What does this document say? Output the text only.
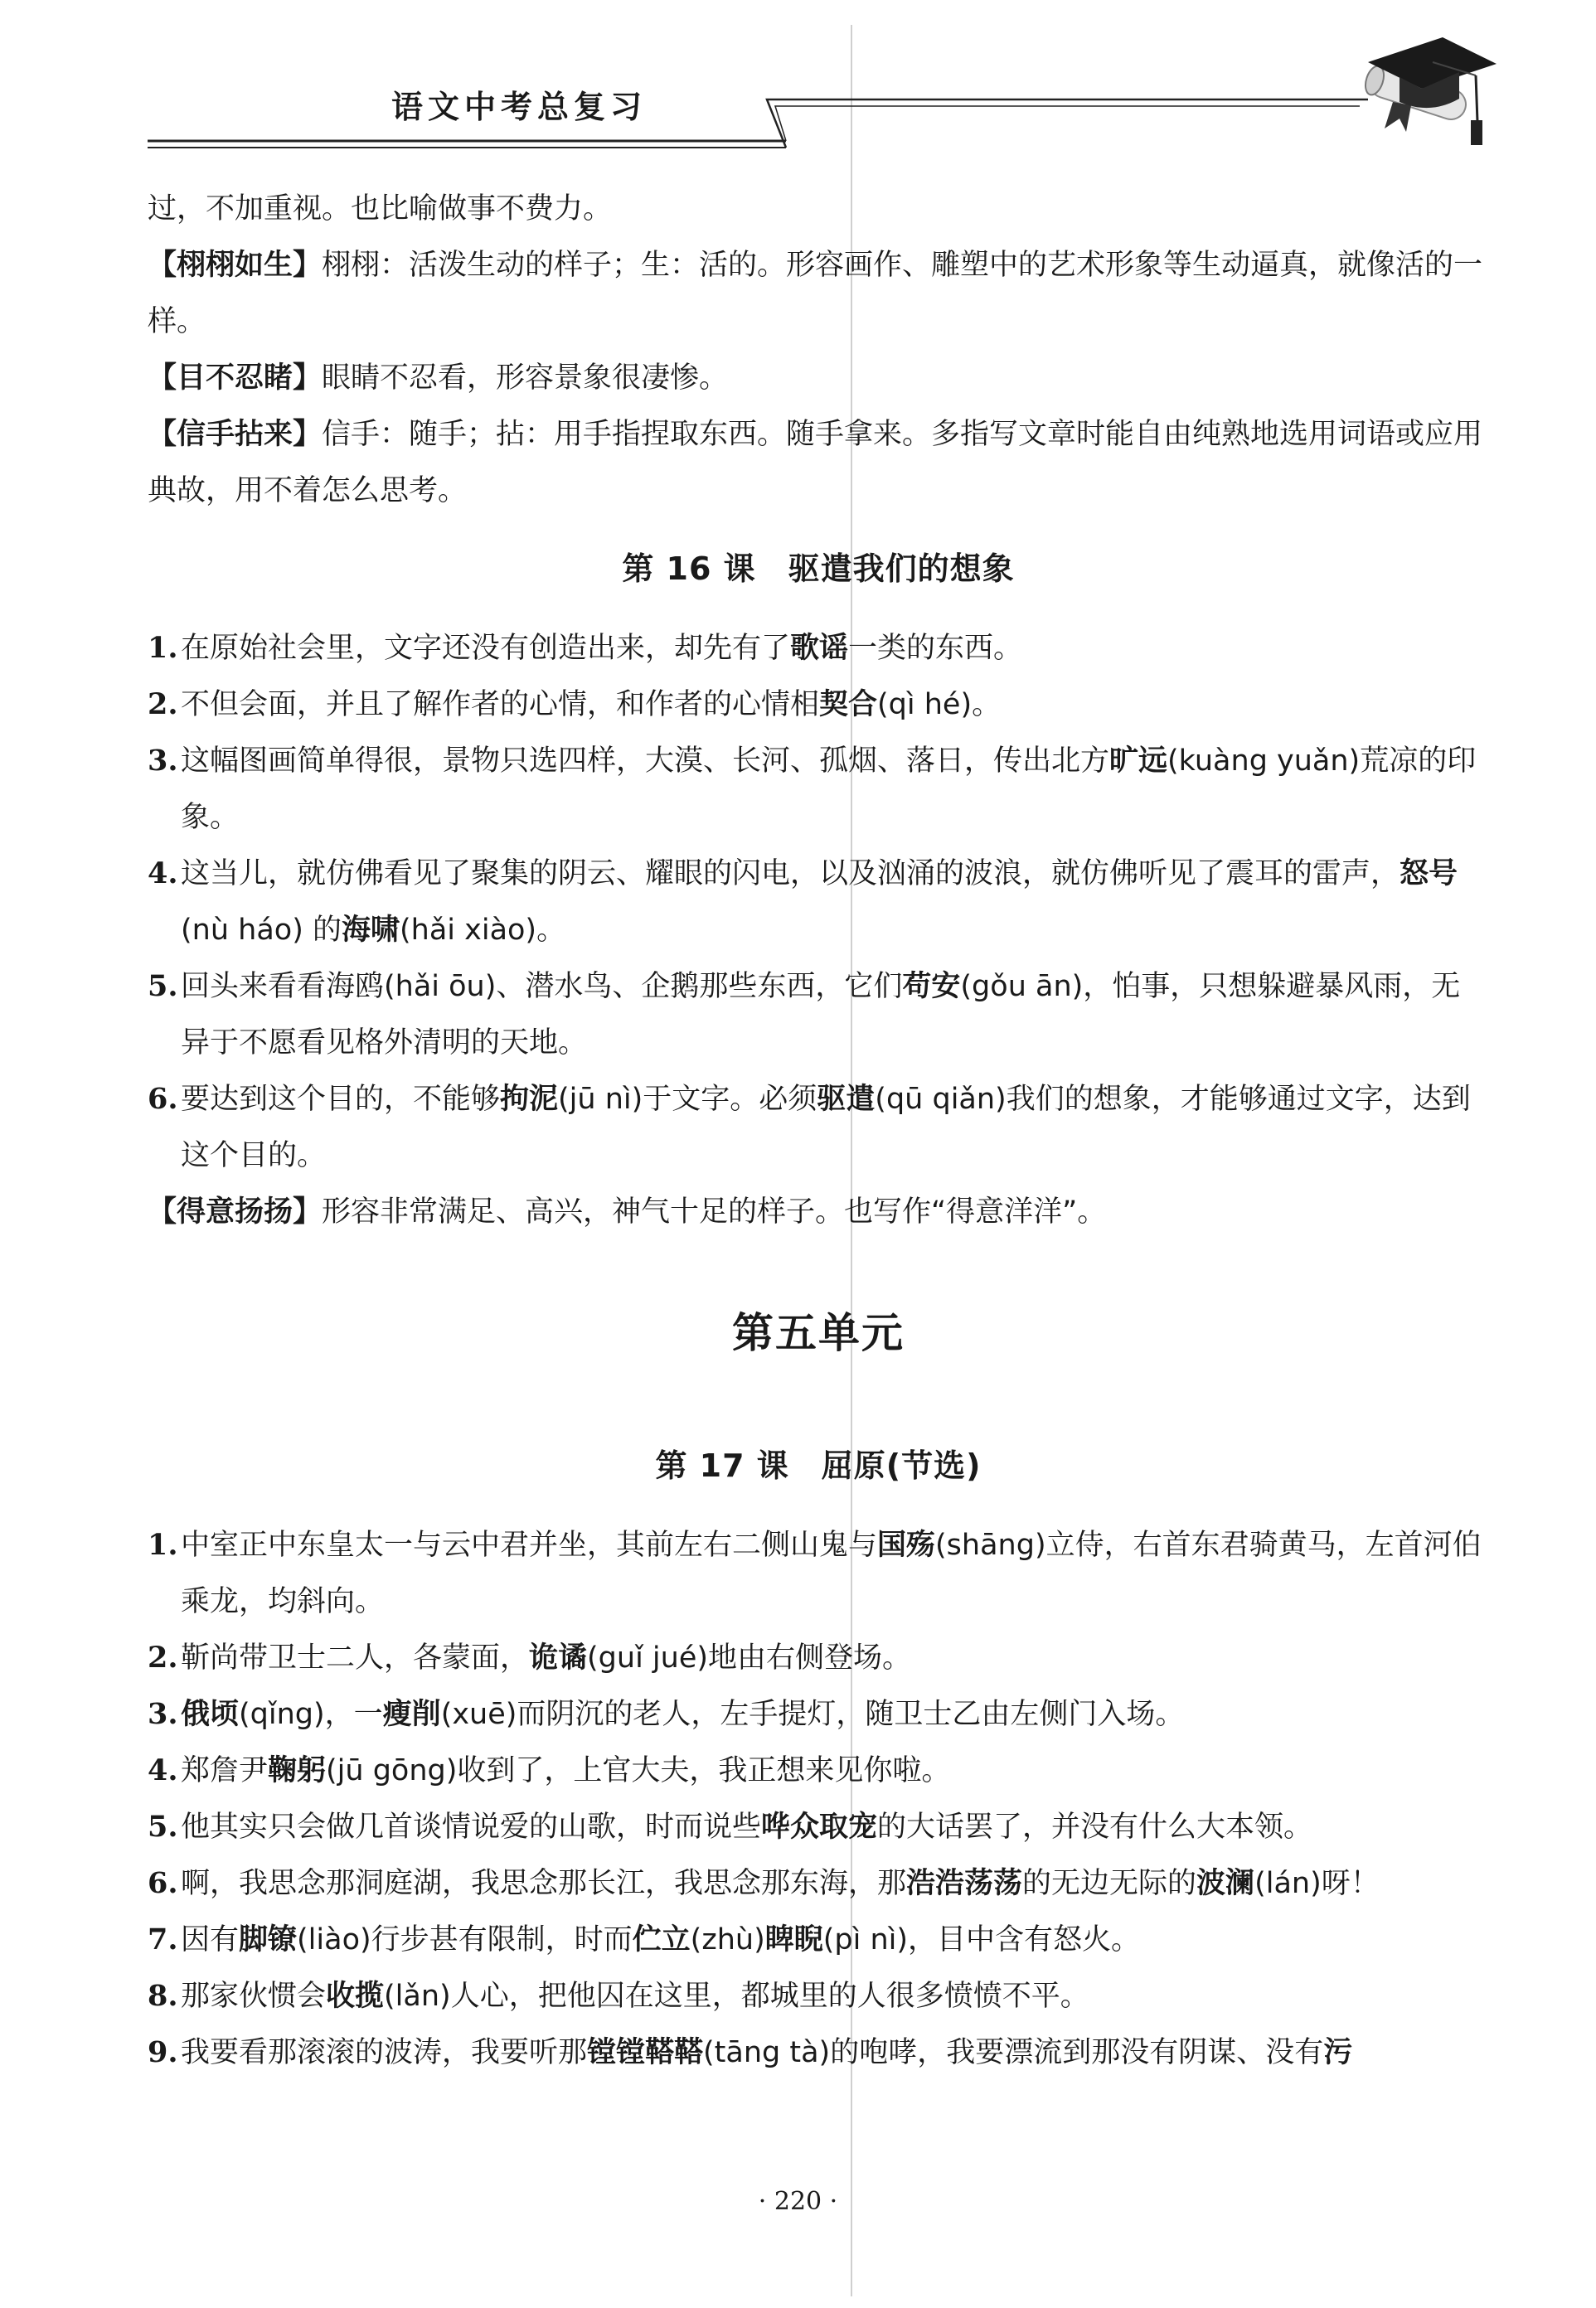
语文中考总复习

过，不加重视。也比喻做事不费力。

【栩栩如生】栩栩：活泼生动的样子；生：活的。形容画作、雕塑中的艺术形象等生动逼真，就像活的一样。

【目不忍睹】眼睛不忍看，形容景象很凄惨。

【信手拈来】信手：随手；拈：用手指捏取东西。随手拿来。多指写文章时能自由纯熟地选用词语或应用典故，用不着怎么思考。

第 16 课　驱遣我们的想象
1. 在原始社会里，文字还没有创造出来，却先有了歌谣一类的东西。
2. 不但会面，并且了解作者的心情，和作者的心情相契合(qì hé)。
3. 这幅图画简单得很，景物只选四样，大漠、长河、孤烟、落日，传出北方旷远(kuàng yuǎn)荒凉的印象。
4. 这当儿，就仿佛看见了聚集的阴云、耀眼的闪电，以及汹涌的波浪，就仿佛听见了震耳的雷声，怒号(nù háo) 的海啸(hǎi xiào)。
5. 回头来看看海鸥(hǎi ōu)、潜水鸟、企鹅那些东西，它们苟安(gǒu ān)，怕事，只想躲避暴风雨，无异于不愿看见格外清明的天地。
6. 要达到这个目的，不能够拘泥(jū nì)于文字。必须驱遣(qū qiǎn)我们的想象，才能够通过文字，达到这个目的。

【得意扬扬】形容非常满足、高兴，神气十足的样子。也写作“得意洋洋”。

第五单元
第 17 课　屈原(节选)
1. 中室正中东皇太一与云中君并坐，其前左右二侧山鬼与国殇(shāng)立侍，右首东君骑黄马，左首河伯乘龙，均斜向。
2. 靳尚带卫士二人，各蒙面，诡谲(guǐ jué)地由右侧登场。
3. 俄顷(qǐng)，一瘦削(xuē)而阴沉的老人，左手提灯，随卫士乙由左侧门入场。
4. 郑詹尹鞠躬(jū gōng)收到了，上官大夫，我正想来见你啦。
5. 他其实只会做几首谈情说爱的山歌，时而说些哗众取宠的大话罢了，并没有什么大本领。
6. 啊，我思念那洞庭湖，我思念那长江，我思念那东海，那浩浩荡荡的无边无际的波澜(lán)呀！
7. 因有脚镣(liào)行步甚有限制，时而伫立(zhù)睥睨(pì nì)，目中含有怒火。
8. 那家伙惯会收揽(lǎn)人心，把他囚在这里，都城里的人很多愤愤不平。
9. 我要看那滚滚的波涛，我要听那镗镗鞳鞳(tāng tà)的咆哮，我要漂流到那没有阴谋、没有污
· 220 ·
